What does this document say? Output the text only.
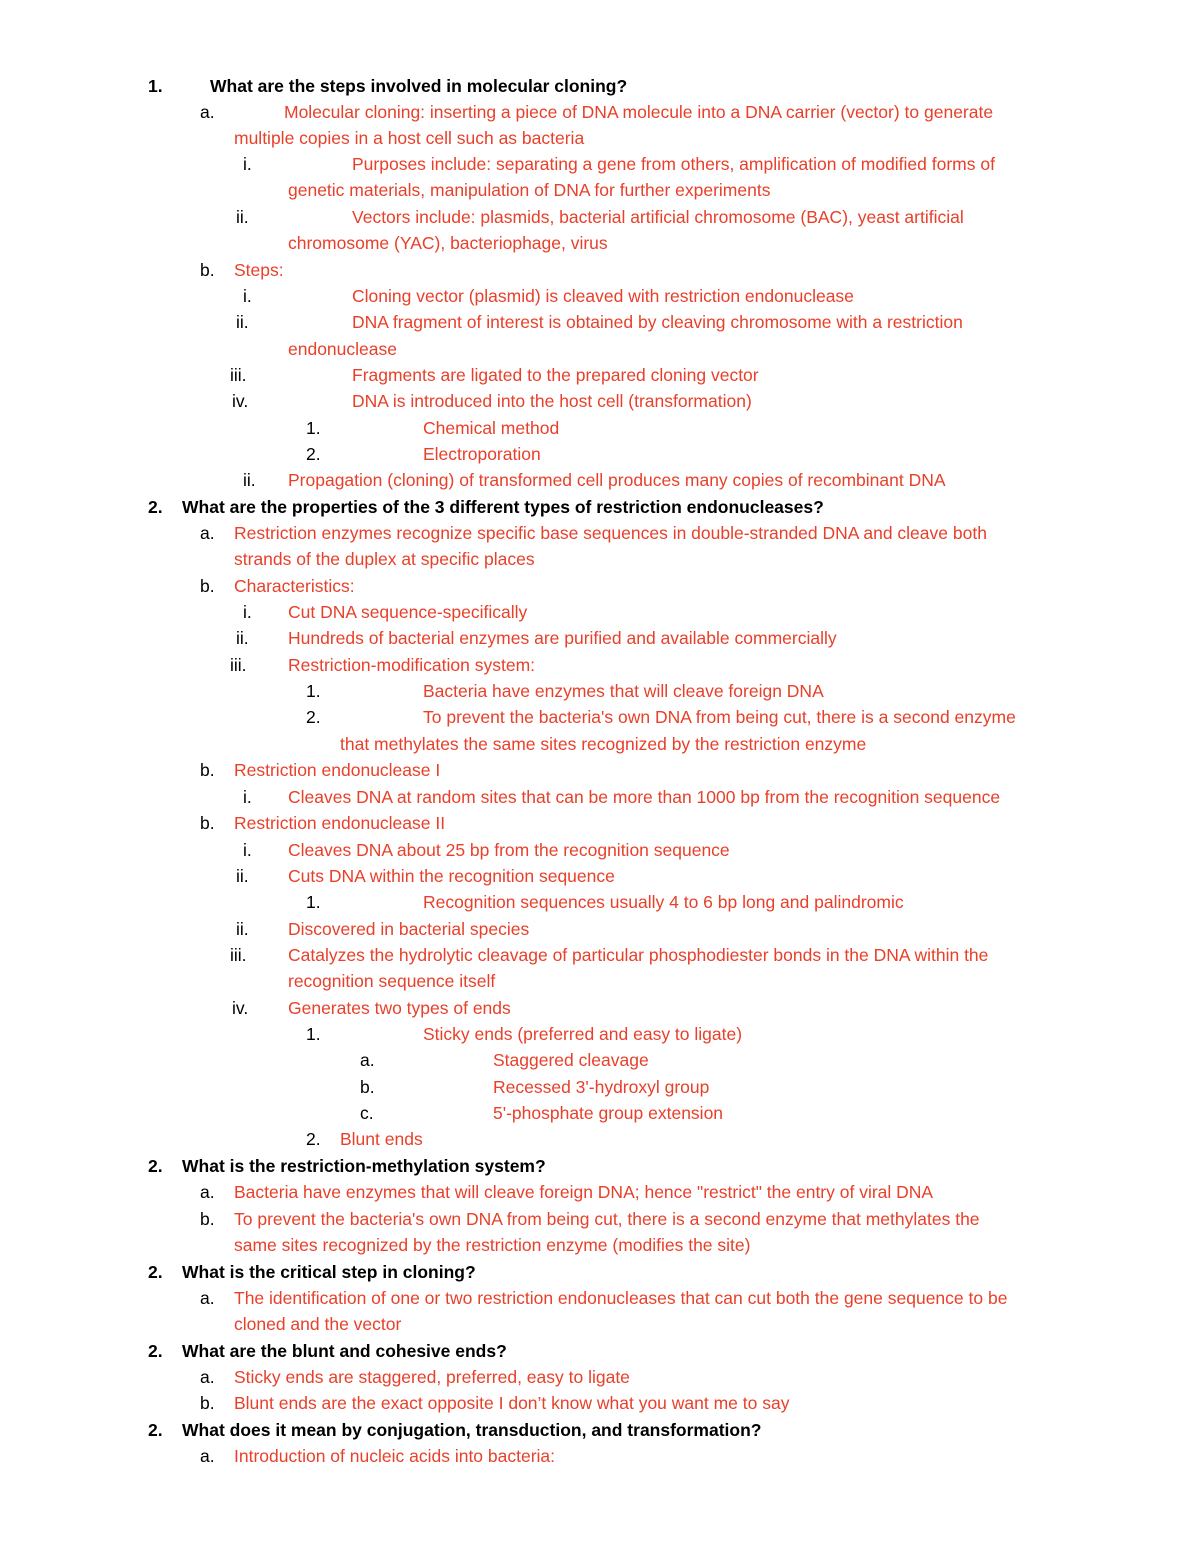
1.	What are the steps involved in molecular cloning?
a.	Molecular cloning: inserting a piece of DNA molecule into a DNA carrier (vector) to generate
multiple copies in a host cell such as bacteria
i.	Purposes include: separating a gene from others, amplification of modified forms of
genetic materials, manipulation of DNA for further experiments
ii.	Vectors include: plasmids, bacterial artificial chromosome (BAC), yeast artificial
chromosome (YAC), bacteriophage, virus
b. Steps:
i.	Cloning vector (plasmid) is cleaved with restriction endonuclease
ii.	DNA fragment of interest is obtained by cleaving chromosome with a restriction
endonuclease
iii.	Fragments are ligated to the prepared cloning vector
iv.	DNA is introduced into the host cell (transformation)
1.	Chemical method
2.	Electroporation
ii. Propagation (cloning) of transformed cell produces many copies of recombinant DNA
2. What are the properties of the 3 different types of restriction endonucleases?
a. Restriction enzymes recognize specific base sequences in double-stranded DNA and cleave both
strands of the duplex at specific places
b. Characteristics:
i. Cut DNA sequence-specifically
ii. Hundreds of bacterial enzymes are purified and available commercially
iii. Restriction-modification system:
1.	Bacteria have enzymes that will cleave foreign DNA
2.	To prevent the bacteria's own DNA from being cut, there is a second enzyme
that methylates the same sites recognized by the restriction enzyme
b. Restriction endonuclease I
i. Cleaves DNA at random sites that can be more than 1000 bp from the recognition sequence
b. Restriction endonuclease II
i. Cleaves DNA about 25 bp from the recognition sequence
ii. Cuts DNA within the recognition sequence
1.	Recognition sequences usually 4 to 6 bp long and palindromic
ii. Discovered in bacterial species
iii. Catalyzes the hydrolytic cleavage of particular phosphodiester bonds in the DNA within the
recognition sequence itself
iv. Generates two types of ends
1.	Sticky ends (preferred and easy to ligate)
a.	Staggered cleavage
b.	Recessed 3'-hydroxyl group
c.	5'-phosphate group extension
2. Blunt ends
2. What is the restriction-methylation system?
a. Bacteria have enzymes that will cleave foreign DNA; hence "restrict" the entry of viral DNA
b. To prevent the bacteria's own DNA from being cut, there is a second enzyme that methylates the
same sites recognized by the restriction enzyme (modifies the site)
2. What is the critical step in cloning?
a. The identification of one or two restriction endonucleases that can cut both the gene sequence to be
cloned and the vector
2. What are the blunt and cohesive ends?
a. Sticky ends are staggered, preferred, easy to ligate
b. Blunt ends are the exact opposite I don’t know what you want me to say
2. What does it mean by conjugation, transduction, and transformation?
a. Introduction of nucleic acids into bacteria:
